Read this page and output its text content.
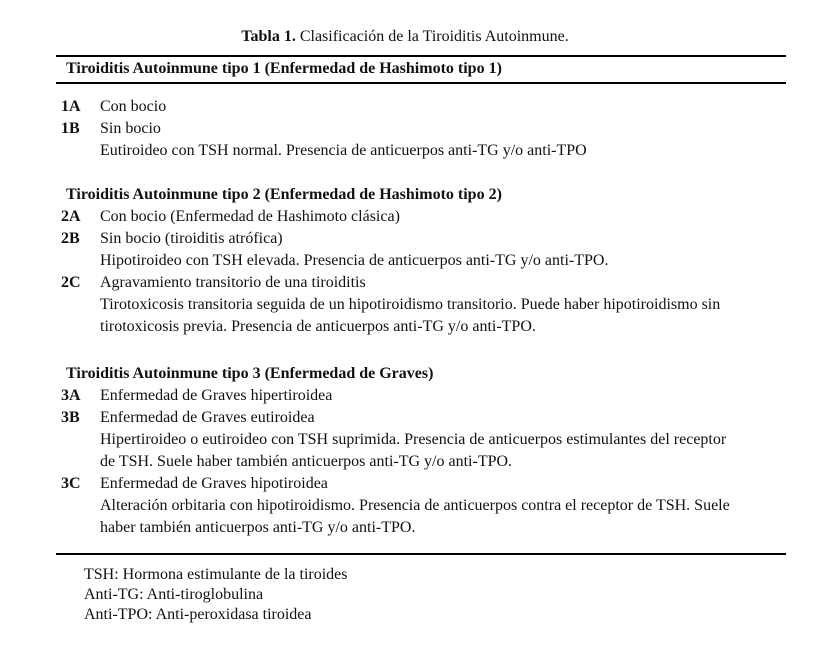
Tabla 1. Clasificación de la Tiroiditis Autoinmune.
Tiroiditis Autoinmune tipo 1 (Enfermedad de Hashimoto tipo 1)
1A Con bocio
1B Sin bocio
Eutiroideo con TSH normal. Presencia de anticuerpos anti-TG y/o anti-TPO
Tiroiditis Autoinmune tipo 2 (Enfermedad de Hashimoto tipo 2)
2A Con bocio (Enfermedad de Hashimoto clásica)
2B Sin bocio (tiroiditis atrófica)
Hipotiroideo con TSH elevada. Presencia de anticuerpos anti-TG y/o anti-TPO.
2C Agravamiento transitorio de una tiroiditis
Tirotoxicosis transitoria seguida de un hipotiroidismo transitorio. Puede haber hipotiroidismo sin
tirotoxicosis previa. Presencia de anticuerpos anti-TG y/o anti-TPO.
Tiroiditis Autoinmune tipo 3 (Enfermedad de Graves)
3A Enfermedad de Graves hipertiroidea
3B Enfermedad de Graves eutiroidea
Hipertiroideo o eutiroideo con TSH suprimida. Presencia de anticuerpos estimulantes del receptor
de TSH. Suele haber también anticuerpos anti-TG y/o anti-TPO.
3C Enfermedad de Graves hipotiroidea
Alteración orbitaria con hipotiroidismo. Presencia de anticuerpos contra el receptor de TSH. Suele
haber también anticuerpos anti-TG y/o anti-TPO.
TSH: Hormona estimulante de la tiroides
Anti-TG: Anti-tiroglobulina
Anti-TPO: Anti-peroxidasa tiroidea
